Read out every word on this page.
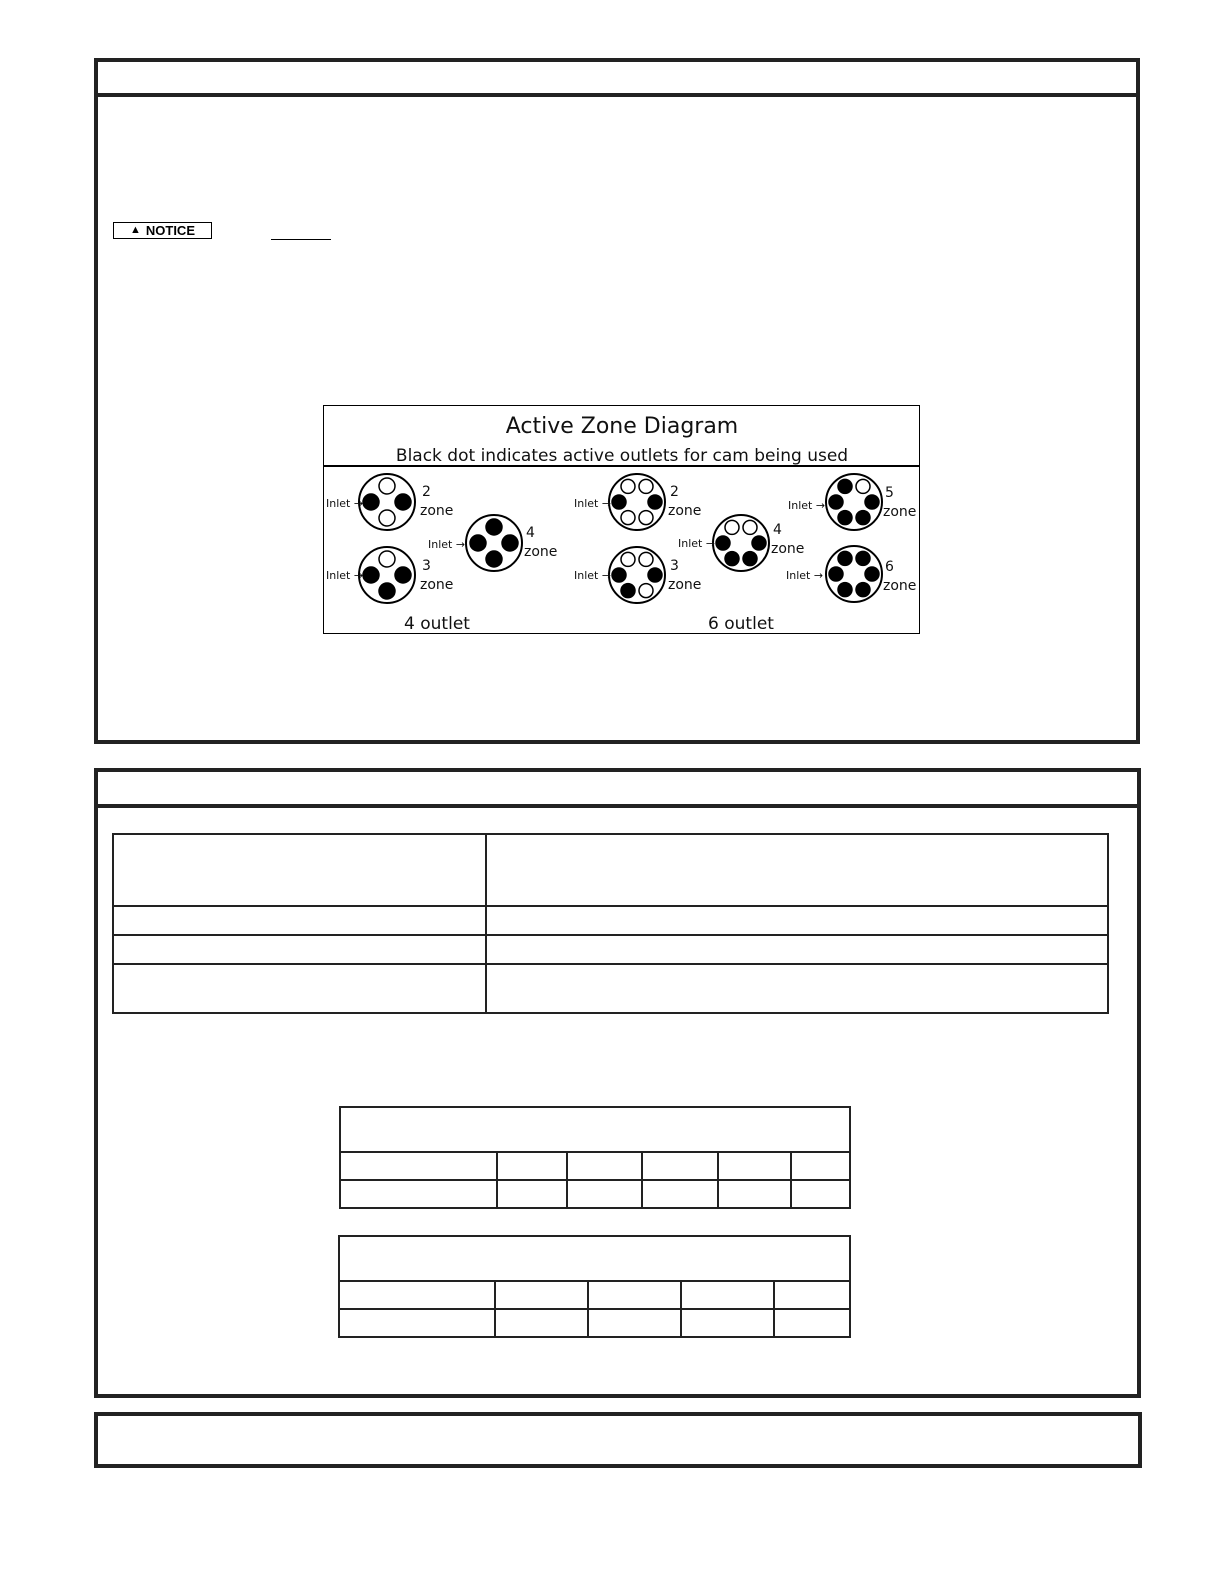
▲ NOTICE
Active Zone Diagram
Black dot indicates active outlets for cam being used
Inlet →
2
zone
Inlet →
3
zone
Inlet →
4
zone
Inlet →
2
zone
Inlet →
3
zone
Inlet →
4
zone
Inlet →
5
zone
Inlet →
6
zone
4 outlet	6 outlet
